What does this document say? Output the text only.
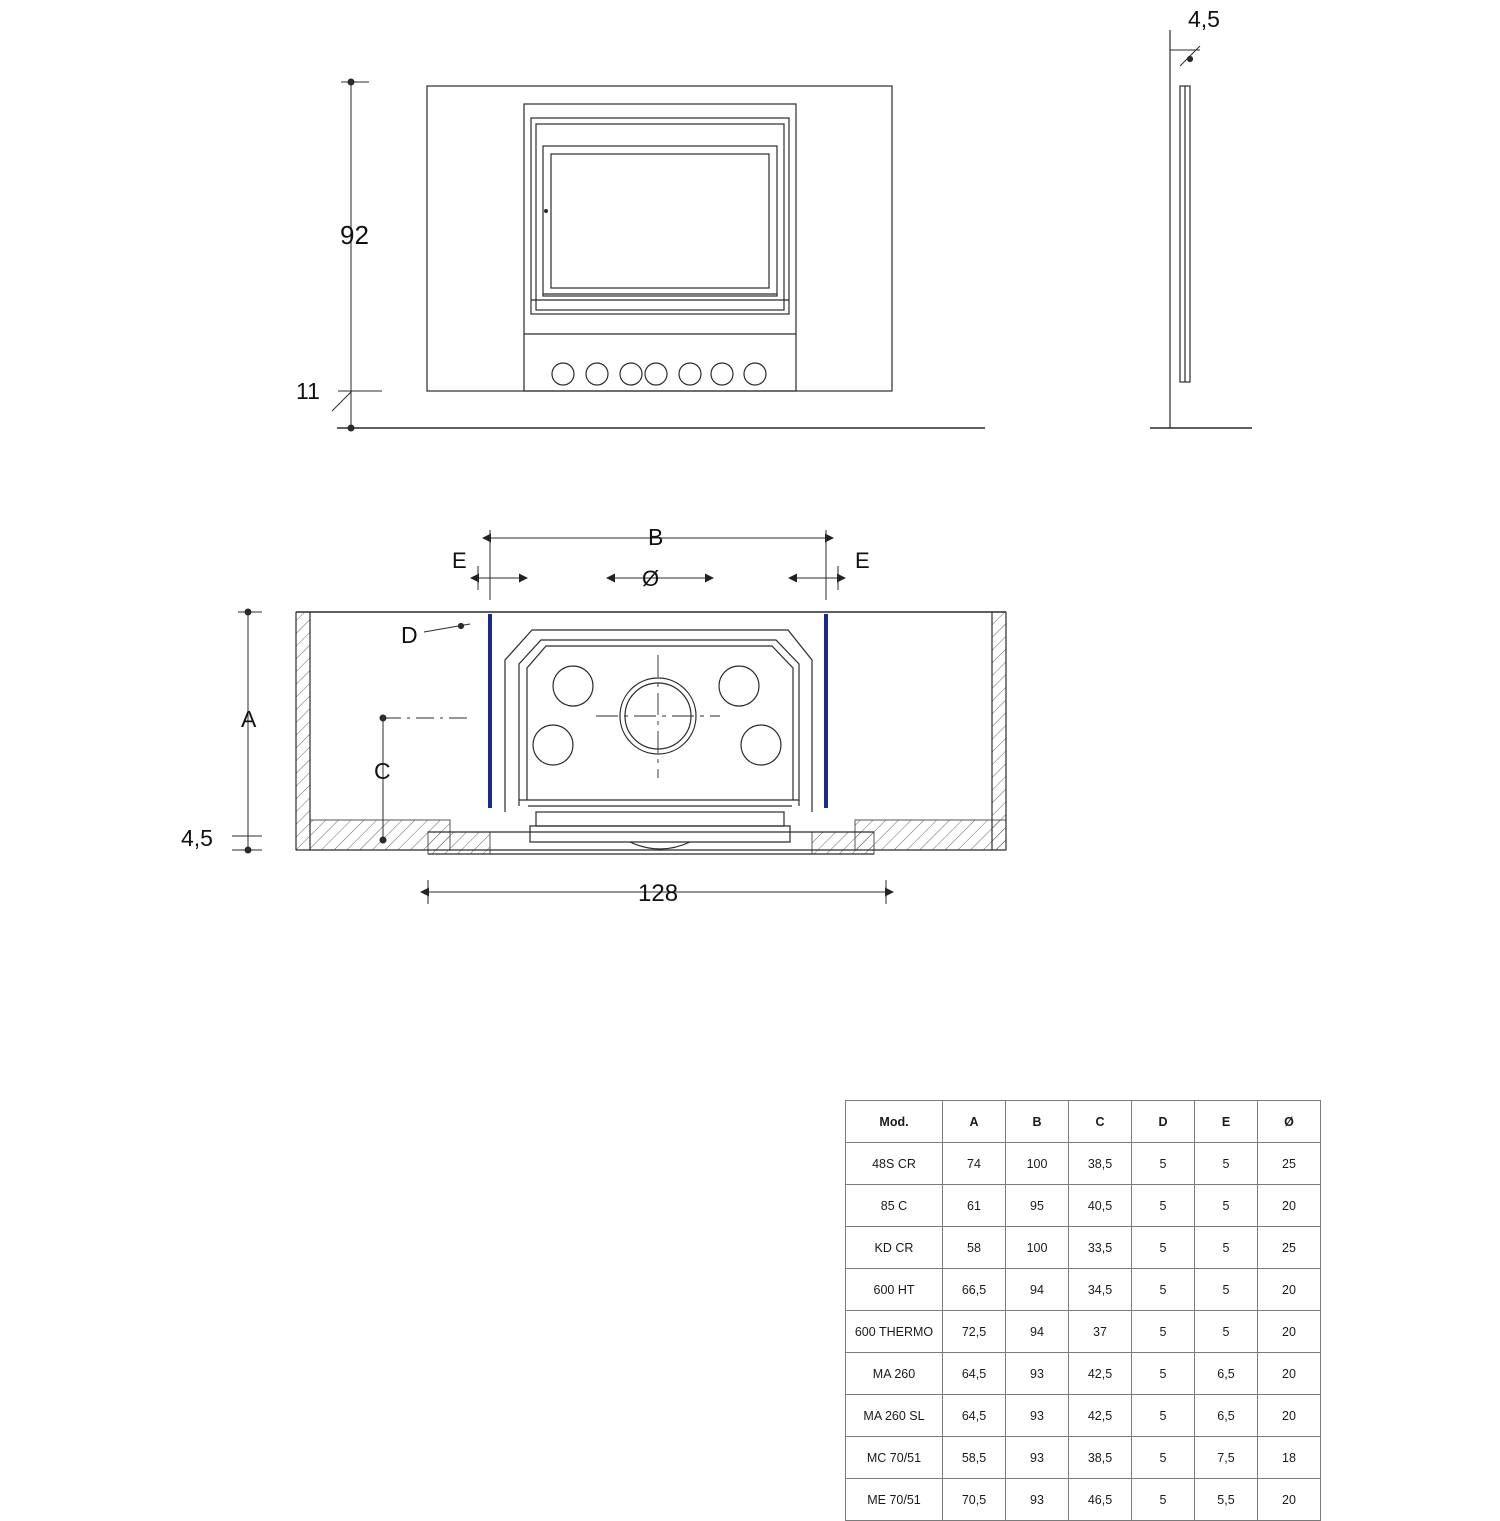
92
11
4,5
B
E	E
Ø
A
C
D
4,5
128
Mod.	A	B	C	D	E	Ø
48S CR	74	100	38,5	5	5	25
85 C	61	95	40,5	5	5	20
KD CR	58	100	33,5	5	5	25
600 HT	66,5	94	34,5	5	5	20
600 THERMO	72,5	94	37	5	5	20
MA 260	64,5	93	42,5	5	6,5	20
MA 260 SL	64,5	93	42,5	5	6,5	20
MC 70/51	58,5	93	38,5	5	7,5	18
ME 70/51	70,5	93	46,5	5	5,5	20
